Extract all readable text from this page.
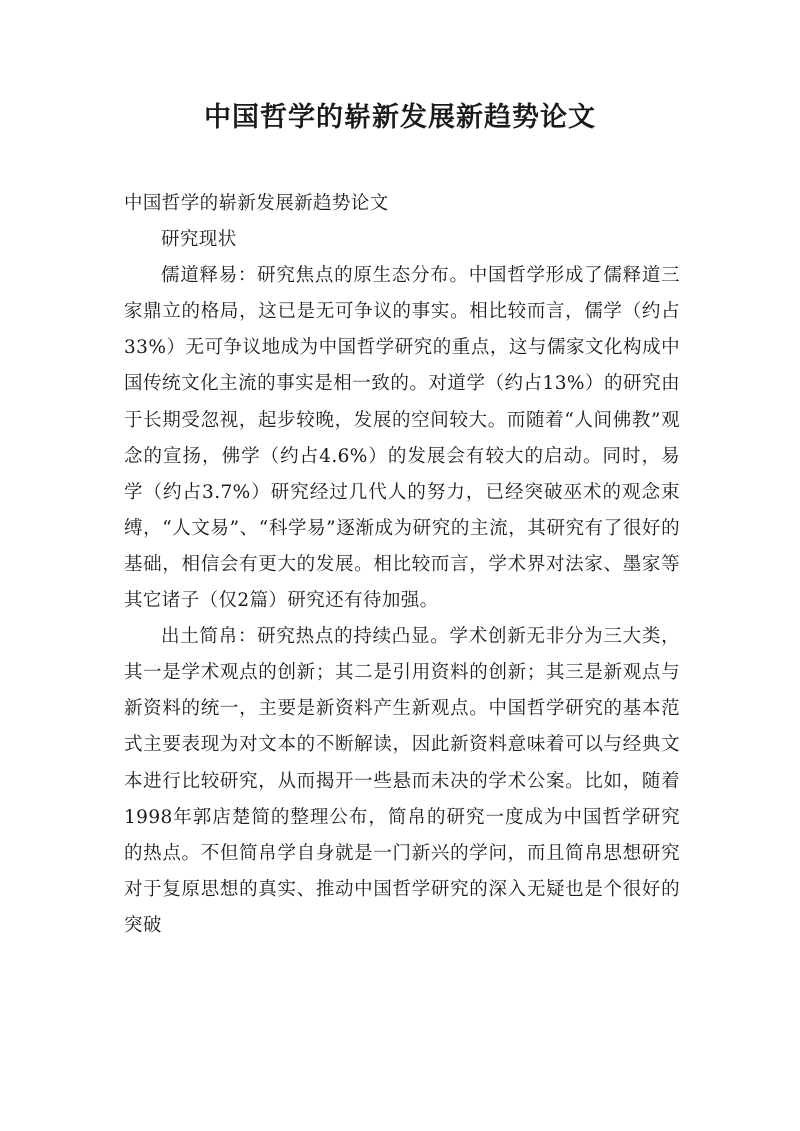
中国哲学的崭新发展新趋势论文

中国哲学的崭新发展新趋势论文

研究现状

儒道释易：研究焦点的原生态分布。中国哲学形成了儒释道三家鼎立的格局，这已是无可争议的事实。相比较而言，儒学（约占33%）无可争议地成为中国哲学研究的重点，这与儒家文化构成中国传统文化主流的事实是相一致的。对道学（约占13%）的研究由于长期受忽视，起步较晚，发展的空间较大。而随着“人间佛教”观念的宣扬，佛学（约占4.6%）的发展会有较大的启动。同时，易学（约占3.7%）研究经过几代人的努力，已经突破巫术的观念束缚，“人文易”、“科学易”逐渐成为研究的主流，其研究有了很好的基础，相信会有更大的发展。相比较而言，学术界对法家、墨家等其它诸子（仅2篇）研究还有待加强。

出土简帛：研究热点的持续凸显。学术创新无非分为三大类，其一是学术观点的创新；其二是引用资料的创新；其三是新观点与新资料的统一，主要是新资料产生新观点。中国哲学研究的基本范式主要表现为对文本的不断解读，因此新资料意味着可以与经典文本进行比较研究，从而揭开一些悬而未决的学术公案。比如，随着1998年郭店楚简的整理公布，简帛的研究一度成为中国哲学研究的热点。不但简帛学自身就是一门新兴的学问，而且简帛思想研究对于复原思想的真实、推动中国哲学研究的深入无疑也是个很好的突破
